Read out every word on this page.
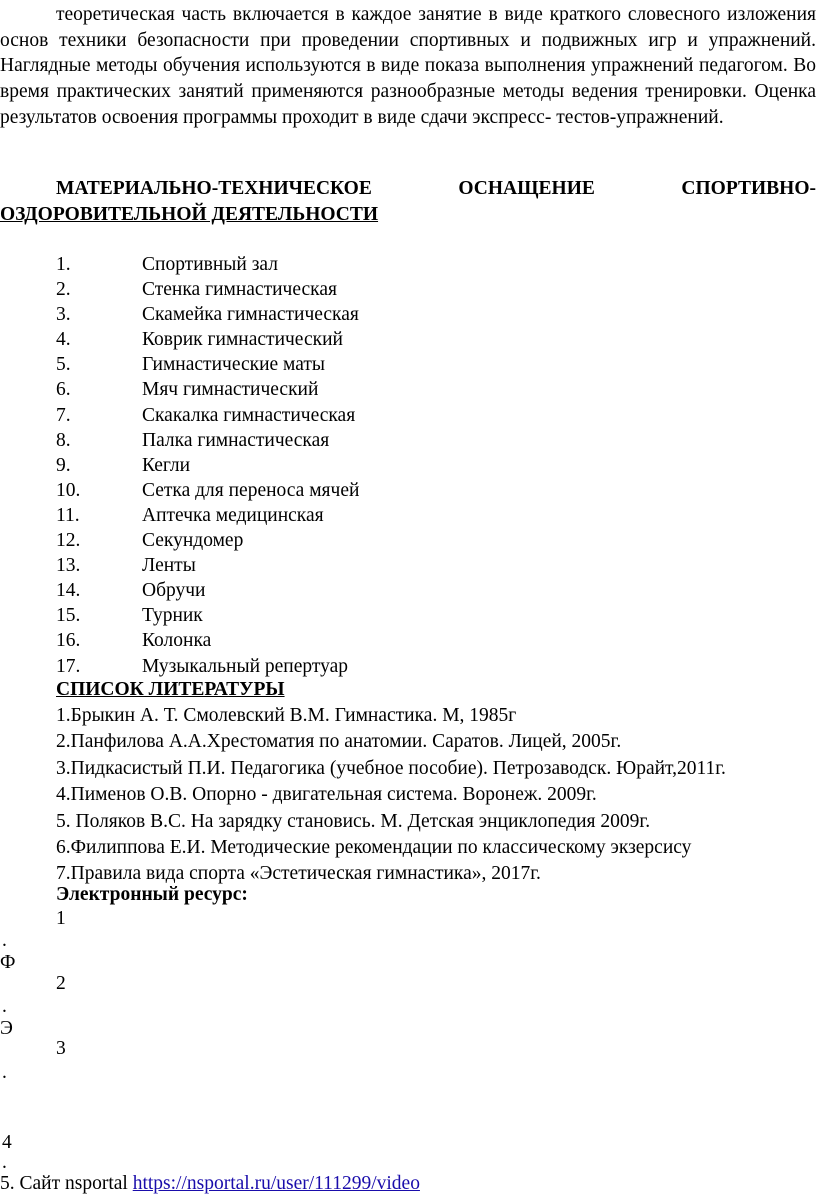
теоретическая часть включается в каждое занятие в виде краткого словесного изложения основ техники безопасности при проведении спортивных и подвижных игр и упражнений. Наглядные методы обучения используются в виде показа выполнения упражнений педагогом. Во время практических занятий применяются разнообразные методы ведения тренировки. Оценка результатов освоения программы проходит в виде сдачи экспресс- тестов-упражнений.

МАТЕРИАЛЬНО-ТЕХНИЧЕСКОЕ	ОСНАЩЕНИЕ	СПОРТИВНО-
ОЗДОРОВИТЕЛЬНОЙ ДЕЯТЕЛЬНОСТИ
1.	Спортивный зал
2.	Стенка гимнастическая
3.	Скамейка гимнастическая
4.	Коврик гимнастический
5.	Гимнастические маты
6.	Мяч гимнастический
7.	Скакалка гимнастическая
8.	Палка гимнастическая
9.	Кегли
10.	Сетка для переноса мячей
11.	Аптечка медицинская
12.	Секундомер
13.	Ленты
14.	Обручи
15.	Турник
16.	Колонка
17.	Музыкальный репертуар
СПИСОК ЛИТЕРАТУРЫ
1.Брыкин А. Т. Смолевский В.М. Гимнастика. М, 1985г
2.Панфилова А.А.Хрестоматия по анатомии. Саратов. Лицей, 2005г.
3.Пидкасистый П.И. Педагогика (учебное пособие). Петрозаводск. Юрайт,2011г.
4.Пименов О.В. Опорно - двигательная система. Воронеж. 2009г.
5. Поляков В.С. На зарядку становись. М. Детская энциклопедия 2009г.
6.Филиппова Е.И. Методические рекомендации по классическому экзерсису
7.Правила вида спорта «Эстетическая гимнастика», 2017г.
Электронный ресурс:
1
.
Ф
2
.
Э
3
.
4
.
5. Сайт nsportal https://nsportal.ru/user/111299/video
